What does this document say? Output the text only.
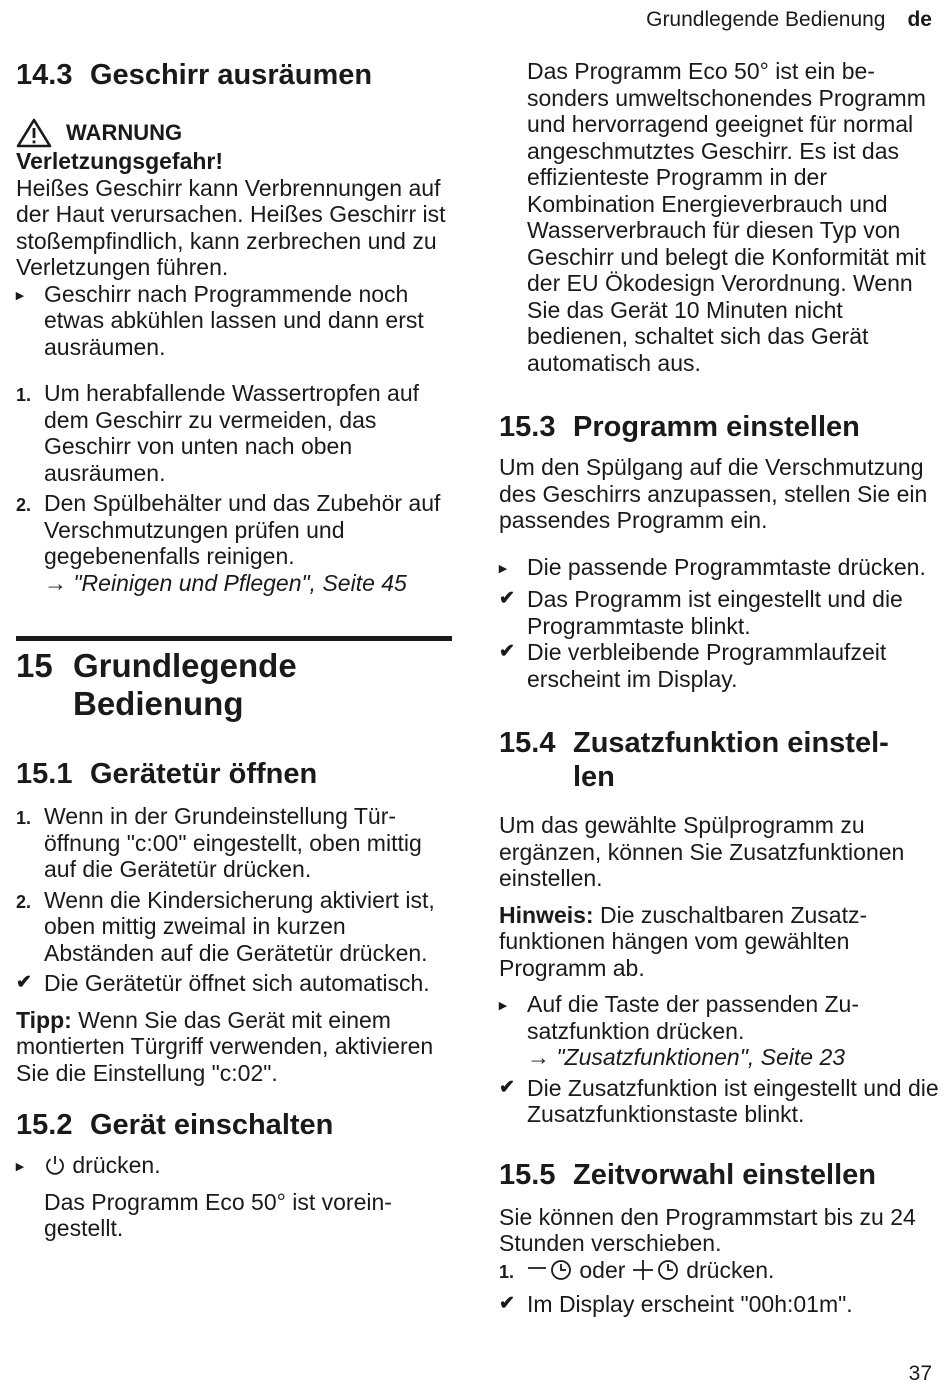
Grundlegende Bedienung de
14.3 Geschirr ausräumen
WARNUNG

Verletzungsgefahr!

Heißes Geschirr kann Verbrennungen auf der Haut verursachen. Heißes Geschirr ist stoßempfindlich, kann zerbrechen und zu Verletzungen führen.

▸ Geschirr nach Programmende noch etwas abkühlen lassen und dann erst ausräumen.
1. Um herabfallende Wassertropfen auf dem Geschirr zu vermeiden, das Geschirr von unten nach oben ausräumen.
2. Den Spülbehälter und das Zubehör auf Verschmutzungen prüfen und gegebenenfalls reinigen.
→ "Reinigen und Pflegen", Seite 45
15 Grundlegende
Bedienung
15.1 Gerätetür öffnen
1. Wenn in der Grundeinstellung Türöffnung "c:00" eingestellt, oben mittig auf die Gerätetür drücken.
2. Wenn die Kindersicherung aktiviert ist, oben mittig zweimal in kurzen Abständen auf die Gerätetür drücken.
✔ Die Gerätetür öffnet sich automatisch.

Tipp: Wenn Sie das Gerät mit einem montierten Türgriff verwenden, aktivieren Sie die Einstellung "c:02".

15.2 Gerät einschalten
▸	drücken.

Das Programm Eco 50° ist voreingestellt.

Das Programm Eco 50° ist ein besonders umweltschonendes Programm und hervorragend geeignet für normal angeschmutztes Geschirr. Es ist das effizienteste Programm in der Kombination Energieverbrauch und Wasserverbrauch für diesen Typ von Geschirr und belegt die Konformität mit der EU Ökodesign Verordnung. Wenn Sie das Gerät 10 Minuten nicht bedienen, schaltet sich das Gerät automatisch aus.

15.3 Programm einstellen

Um den Spülgang auf die Verschmutzung des Geschirrs anzupassen, stellen Sie ein passendes Programm ein.

▸ Die passende Programmtaste drücken.
✔ Das Programm ist eingestellt und die Programmtaste blinkt.
✔ Die verbleibende Programmlaufzeit erscheint im Display.
15.4 Zusatzfunktion einstellen

Um das gewählte Spülprogramm zu ergänzen, können Sie Zusatzfunktionen einstellen.

Hinweis: Die zuschaltbaren Zusatzfunktionen hängen vom gewählten Programm ab.

▸ Auf die Taste der passenden Zusatzfunktion drücken.
→ "Zusatzfunktionen", Seite 23
✔ Die Zusatzfunktion ist eingestellt und die Zusatzfunktionstaste blinkt.
15.5 Zeitvorwahl einstellen

Sie können den Programmstart bis zu 24 Stunden verschieben.

1.	oder  drücken.
✔ Im Display erscheint "00h:01m".
37
